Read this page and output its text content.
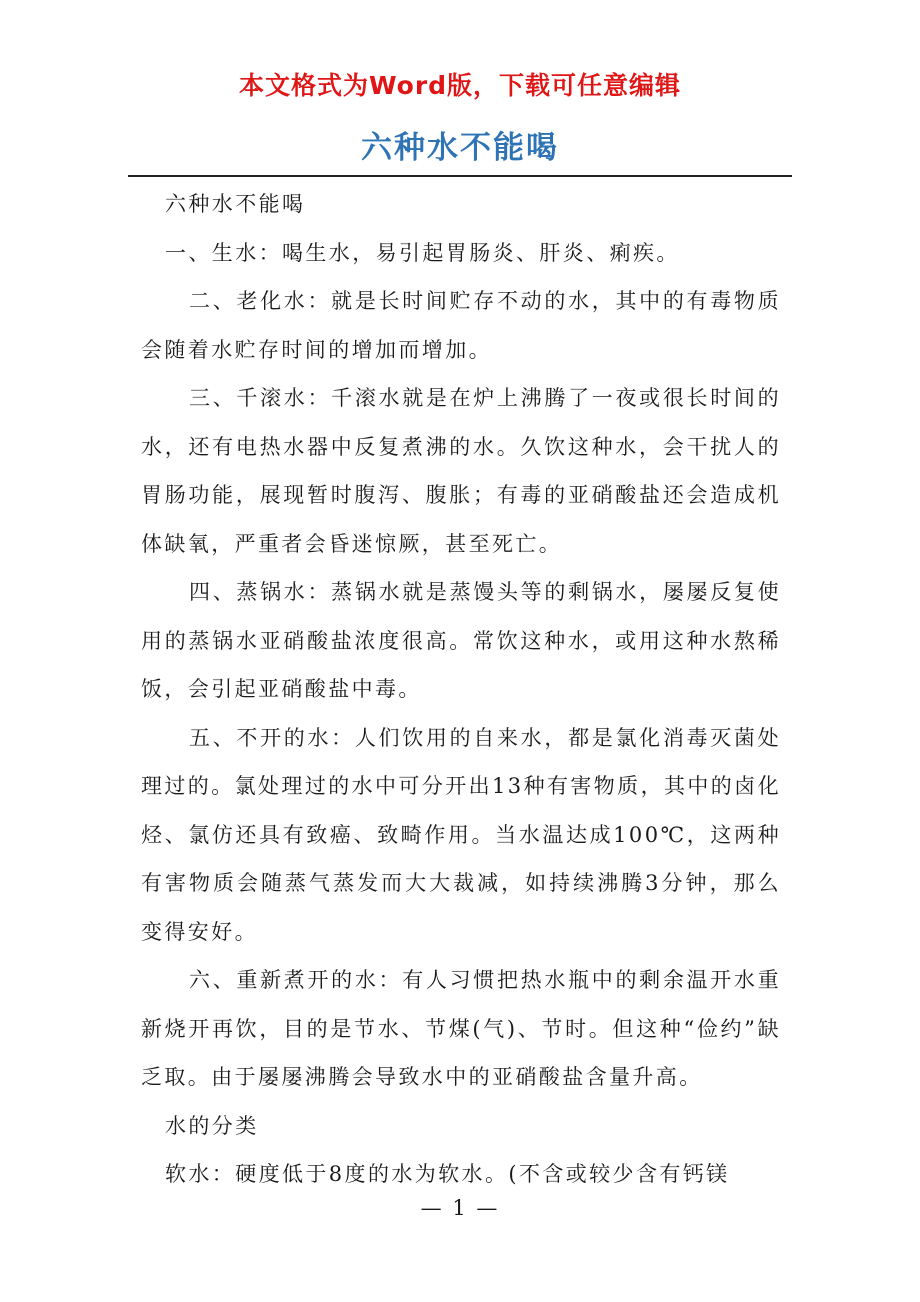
本文格式为Word版，下载可任意编辑
六种水不能喝

六种水不能喝

一、生水：喝生水，易引起胃肠炎、肝炎、痢疾。

二、老化水：就是长时间贮存不动的水，其中的有毒物质会随着水贮存时间的增加而增加。

三、千滚水：千滚水就是在炉上沸腾了一夜或很长时间的水，还有电热水器中反复煮沸的水。久饮这种水，会干扰人的胃肠功能，展现暂时腹泻、腹胀；有毒的亚硝酸盐还会造成机体缺氧，严重者会昏迷惊厥，甚至死亡。

四、蒸锅水：蒸锅水就是蒸馒头等的剩锅水，屡屡反复使用的蒸锅水亚硝酸盐浓度很高。常饮这种水，或用这种水熬稀饭，会引起亚硝酸盐中毒。

五、不开的水：人们饮用的自来水，都是氯化消毒灭菌处理过的。氯处理过的水中可分开出13种有害物质，其中的卤化烃、氯仿还具有致癌、致畸作用。当水温达成100℃，这两种有害物质会随蒸气蒸发而大大裁减，如持续沸腾3分钟，那么变得安好。

六、重新煮开的水：有人习惯把热水瓶中的剩余温开水重新烧开再饮，目的是节水、节煤(气)、节时。但这种“俭约”缺乏取。由于屡屡沸腾会导致水中的亚硝酸盐含量升高。

水的分类

软水：硬度低于8度的水为软水。(不含或较少含有钙镁

— 1 —
